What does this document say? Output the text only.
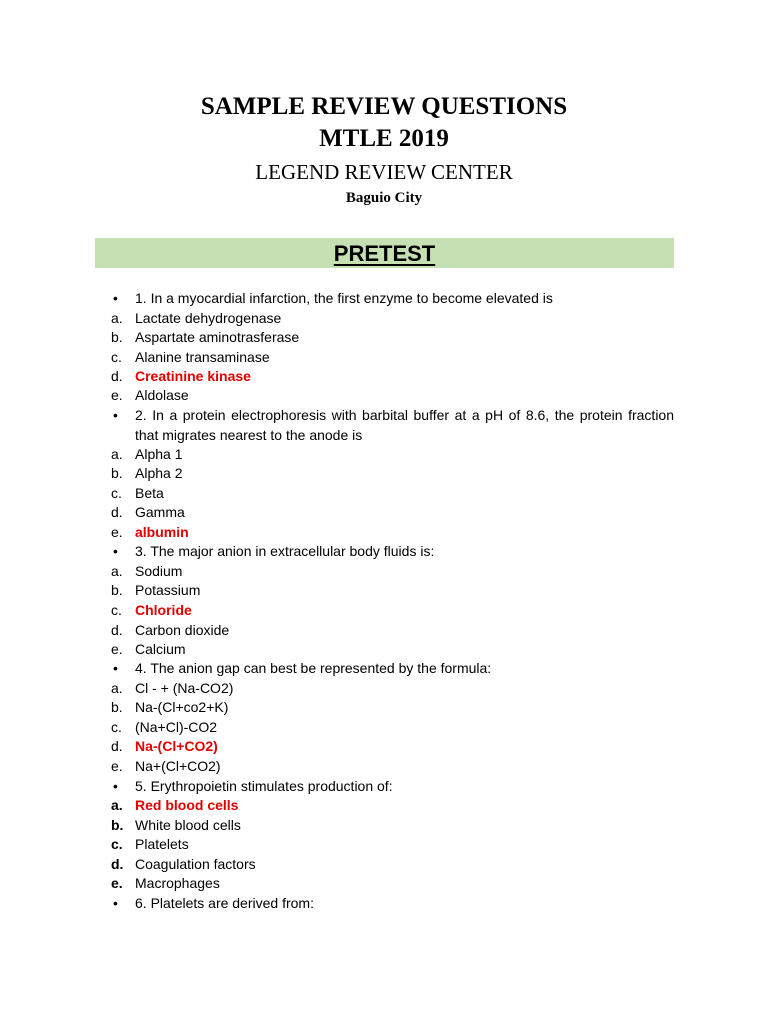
SAMPLE REVIEW QUESTIONS
MTLE 2019
LEGEND REVIEW CENTER
Baguio City
PRETEST
• 1. In a myocardial infarction, the first enzyme to become elevated is
a. Lactate dehydrogenase
b. Aspartate aminotrasferase
c. Alanine transaminase
d. Creatinine kinase
e. Aldolase
• 2. In a protein electrophoresis with barbital buffer at a pH of 8.6, the protein fraction that migrates nearest to the anode is
a. Alpha 1
b. Alpha 2
c. Beta
d. Gamma
e. albumin
• 3. The major anion in extracellular body fluids is:
a. Sodium
b. Potassium
c. Chloride
d. Carbon dioxide
e. Calcium
• 4. The anion gap can best be represented by the formula:
a. Cl - + (Na-CO2)
b. Na-(Cl+co2+K)
c. (Na+Cl)-CO2
d. Na-(Cl+CO2)
e. Na+(Cl+CO2)
• 5. Erythropoietin stimulates production of:
a. Red blood cells
b. White blood cells
c. Platelets
d. Coagulation factors
e. Macrophages
• 6. Platelets are derived from:
